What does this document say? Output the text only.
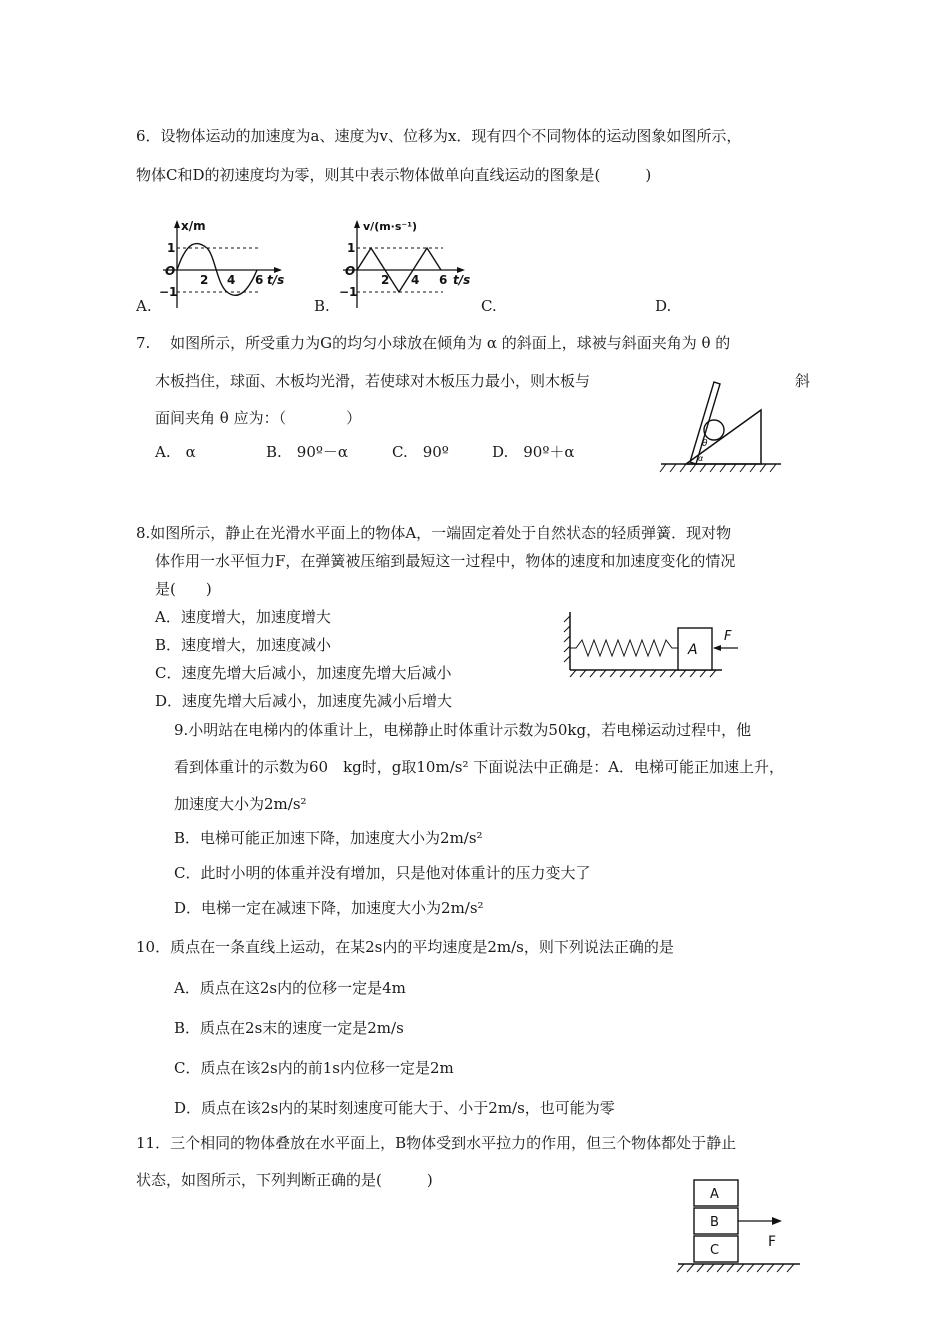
6．设物体运动的加速度为a、速度为v、位移为x．现有四个不同物体的运动图象如图所示，
物体C和D的初速度均为零，则其中表示物体做单向直线运动的图象是(　　　)
x/m
1
O
−1
2 4 6 t/s
v/(m·s⁻¹)
1
O
−1
2 4 6 t/s
A.	B.	C.	D.
7.　 如图所示，所受重力为G的均匀小球放在倾角为 α 的斜面上，球被与斜面夹角为 θ 的
木板挡住，球面、木板均光滑，若使球对木板压力最小，则木板与	斜
面间夹角 θ 应为：（　　　　）
A.　α	B.　90º－α	C.　90º	D.　90º＋α	θ
α
8.如图所示，静止在光滑水平面上的物体A，一端固定着处于自然状态的轻质弹簧．现对物
体作用一水平恒力F，在弹簧被压缩到最短这一过程中，物体的速度和加速度变化的情况
是(　　)
A．速度增大，加速度增大
B．速度增大，加速度减小
C．速度先增大后减小，加速度先增大后减小
D．速度先增大后减小，加速度先减小后增大
A
F
9.小明站在电梯内的体重计上，电梯静止时体重计示数为50kg，若电梯运动过程中，他
看到体重计的示数为60　kg时，g取10m/s² 下面说法中正确是：A．电梯可能正加速上升，
加速度大小为2m/s²
B．电梯可能正加速下降，加速度大小为2m/s²
C．此时小明的体重并没有增加，只是他对体重计的压力变大了
D．电梯一定在减速下降，加速度大小为2m/s²
10．质点在一条直线上运动，在某2s内的平均速度是2m/s，则下列说法正确的是
A．质点在这2s内的位移一定是4m
B．质点在2s末的速度一定是2m/s
C．质点在该2s内的前1s内位移一定是2m
D．质点在该2s内的某时刻速度可能大于、小于2m/s，也可能为零
11．三个相同的物体叠放在水平面上，B物体受到水平拉力的作用，但三个物体都处于静止
状态，如图所示，下列判断正确的是(　　　)
A
B
C
F
